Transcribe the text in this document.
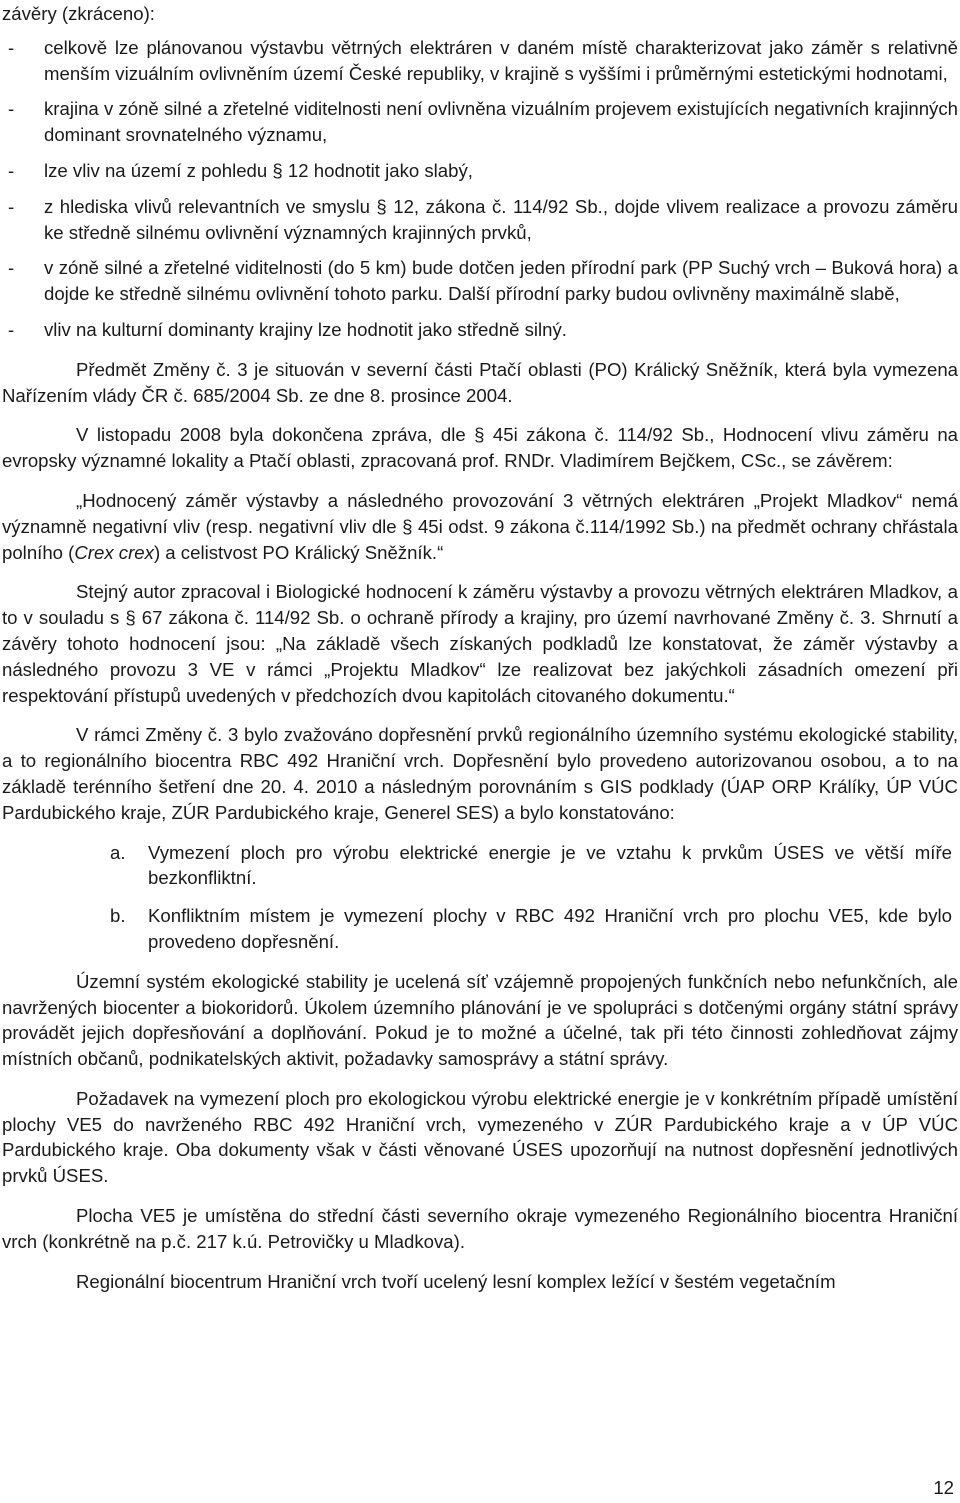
závěry (zkráceno):

- celkově lze plánovanou výstavbu větrných elektráren v daném místě charakterizovat jako záměr s relativně menším vizuálním ovlivněním území České republiky, v krajině s vyššími i průměrnými estetickými hodnotami,
- krajina v zóně silné a zřetelné viditelnosti není ovlivněna vizuálním projevem existujících negativních krajinných dominant srovnatelného významu,
- lze vliv na území z pohledu § 12 hodnotit jako slabý,
- z hlediska vlivů relevantních ve smyslu § 12, zákona č. 114/92 Sb., dojde vlivem realizace a provozu záměru ke středně silnému ovlivnění významných krajinných prvků,
- v zóně silné a zřetelné viditelnosti (do 5 km) bude dotčen jeden přírodní park (PP Suchý vrch – Buková hora) a dojde ke středně silnému ovlivnění tohoto parku. Další přírodní parky budou ovlivněny maximálně slabě,
- vliv na kulturní dominanty krajiny lze hodnotit jako středně silný.

Předmět Změny č. 3 je situován v severní části Ptačí oblasti (PO) Králický Sněžník, která byla vymezena Nařízením vlády ČR č. 685/2004 Sb. ze dne 8. prosince 2004.

V listopadu 2008 byla dokončena zpráva, dle § 45i zákona č. 114/92 Sb., Hodnocení vlivu záměru na evropsky významné lokality a Ptačí oblasti, zpracovaná prof. RNDr. Vladimírem Bejčkem, CSc., se závěrem:

„Hodnocený záměr výstavby a následného provozování 3 větrných elektráren „Projekt Mladkov“ nemá významně negativní vliv (resp. negativní vliv dle § 45i odst. 9 zákona č.114/1992 Sb.) na předmět ochrany chřástala polního (Crex crex) a celistvost PO Králický Sněžník.“

Stejný autor zpracoval i Biologické hodnocení k záměru výstavby a provozu větrných elektráren Mladkov, a to v souladu s § 67 zákona č. 114/92 Sb. o ochraně přírody a krajiny, pro území navrhované Změny č. 3. Shrnutí a závěry tohoto hodnocení jsou: „Na základě všech získaných podkladů lze konstatovat, že záměr výstavby a následného provozu 3 VE v rámci „Projektu Mladkov“ lze realizovat bez jakýchkoli zásadních omezení při respektování přístupů uvedených v předchozích dvou kapitolách citovaného dokumentu.“

V rámci Změny č. 3 bylo zvažováno dopřesnění prvků regionálního územního systému ekologické stability, a to regionálního biocentra RBC 492 Hraniční vrch. Dopřesnění bylo provedeno autorizovanou osobou, a to na základě terénního šetření dne 20. 4. 2010 a následným porovnáním s GIS podklady (ÚAP ORP Králíky, ÚP VÚC Pardubického kraje, ZÚR Pardubického kraje, Generel SES) a bylo konstatováno:

a. Vymezení ploch pro výrobu elektrické energie je ve vztahu k prvkům ÚSES ve větší míře bezkonfliktní.
b. Konfliktním místem je vymezení plochy v RBC 492 Hraniční vrch pro plochu VE5, kde bylo provedeno dopřesnění.

Územní systém ekologické stability je ucelená síť vzájemně propojených funkčních nebo nefunkčních, ale navržených biocenter a biokoridorů. Úkolem územního plánování je ve spolupráci s dotčenými orgány státní správy provádět jejich dopřesňování a doplňování. Pokud je to možné a účelné, tak při této činnosti zohledňovat zájmy místních občanů, podnikatelských aktivit, požadavky samosprávy a státní správy.

Požadavek na vymezení ploch pro ekologickou výrobu elektrické energie je v konkrétním případě umístění plochy VE5 do navrženého RBC 492 Hraniční vrch, vymezeného v ZÚR Pardubického kraje a v ÚP VÚC Pardubického kraje. Oba dokumenty však v části věnované ÚSES upozorňují na nutnost dopřesnění jednotlivých prvků ÚSES.

Plocha VE5 je umístěna do střední části severního okraje vymezeného Regionálního biocentra Hraniční vrch (konkrétně na p.č. 217 k.ú. Petrovičky u Mladkova).

Regionální biocentrum Hraniční vrch tvoří ucelený lesní komplex ležící v šestém vegetačním

12
